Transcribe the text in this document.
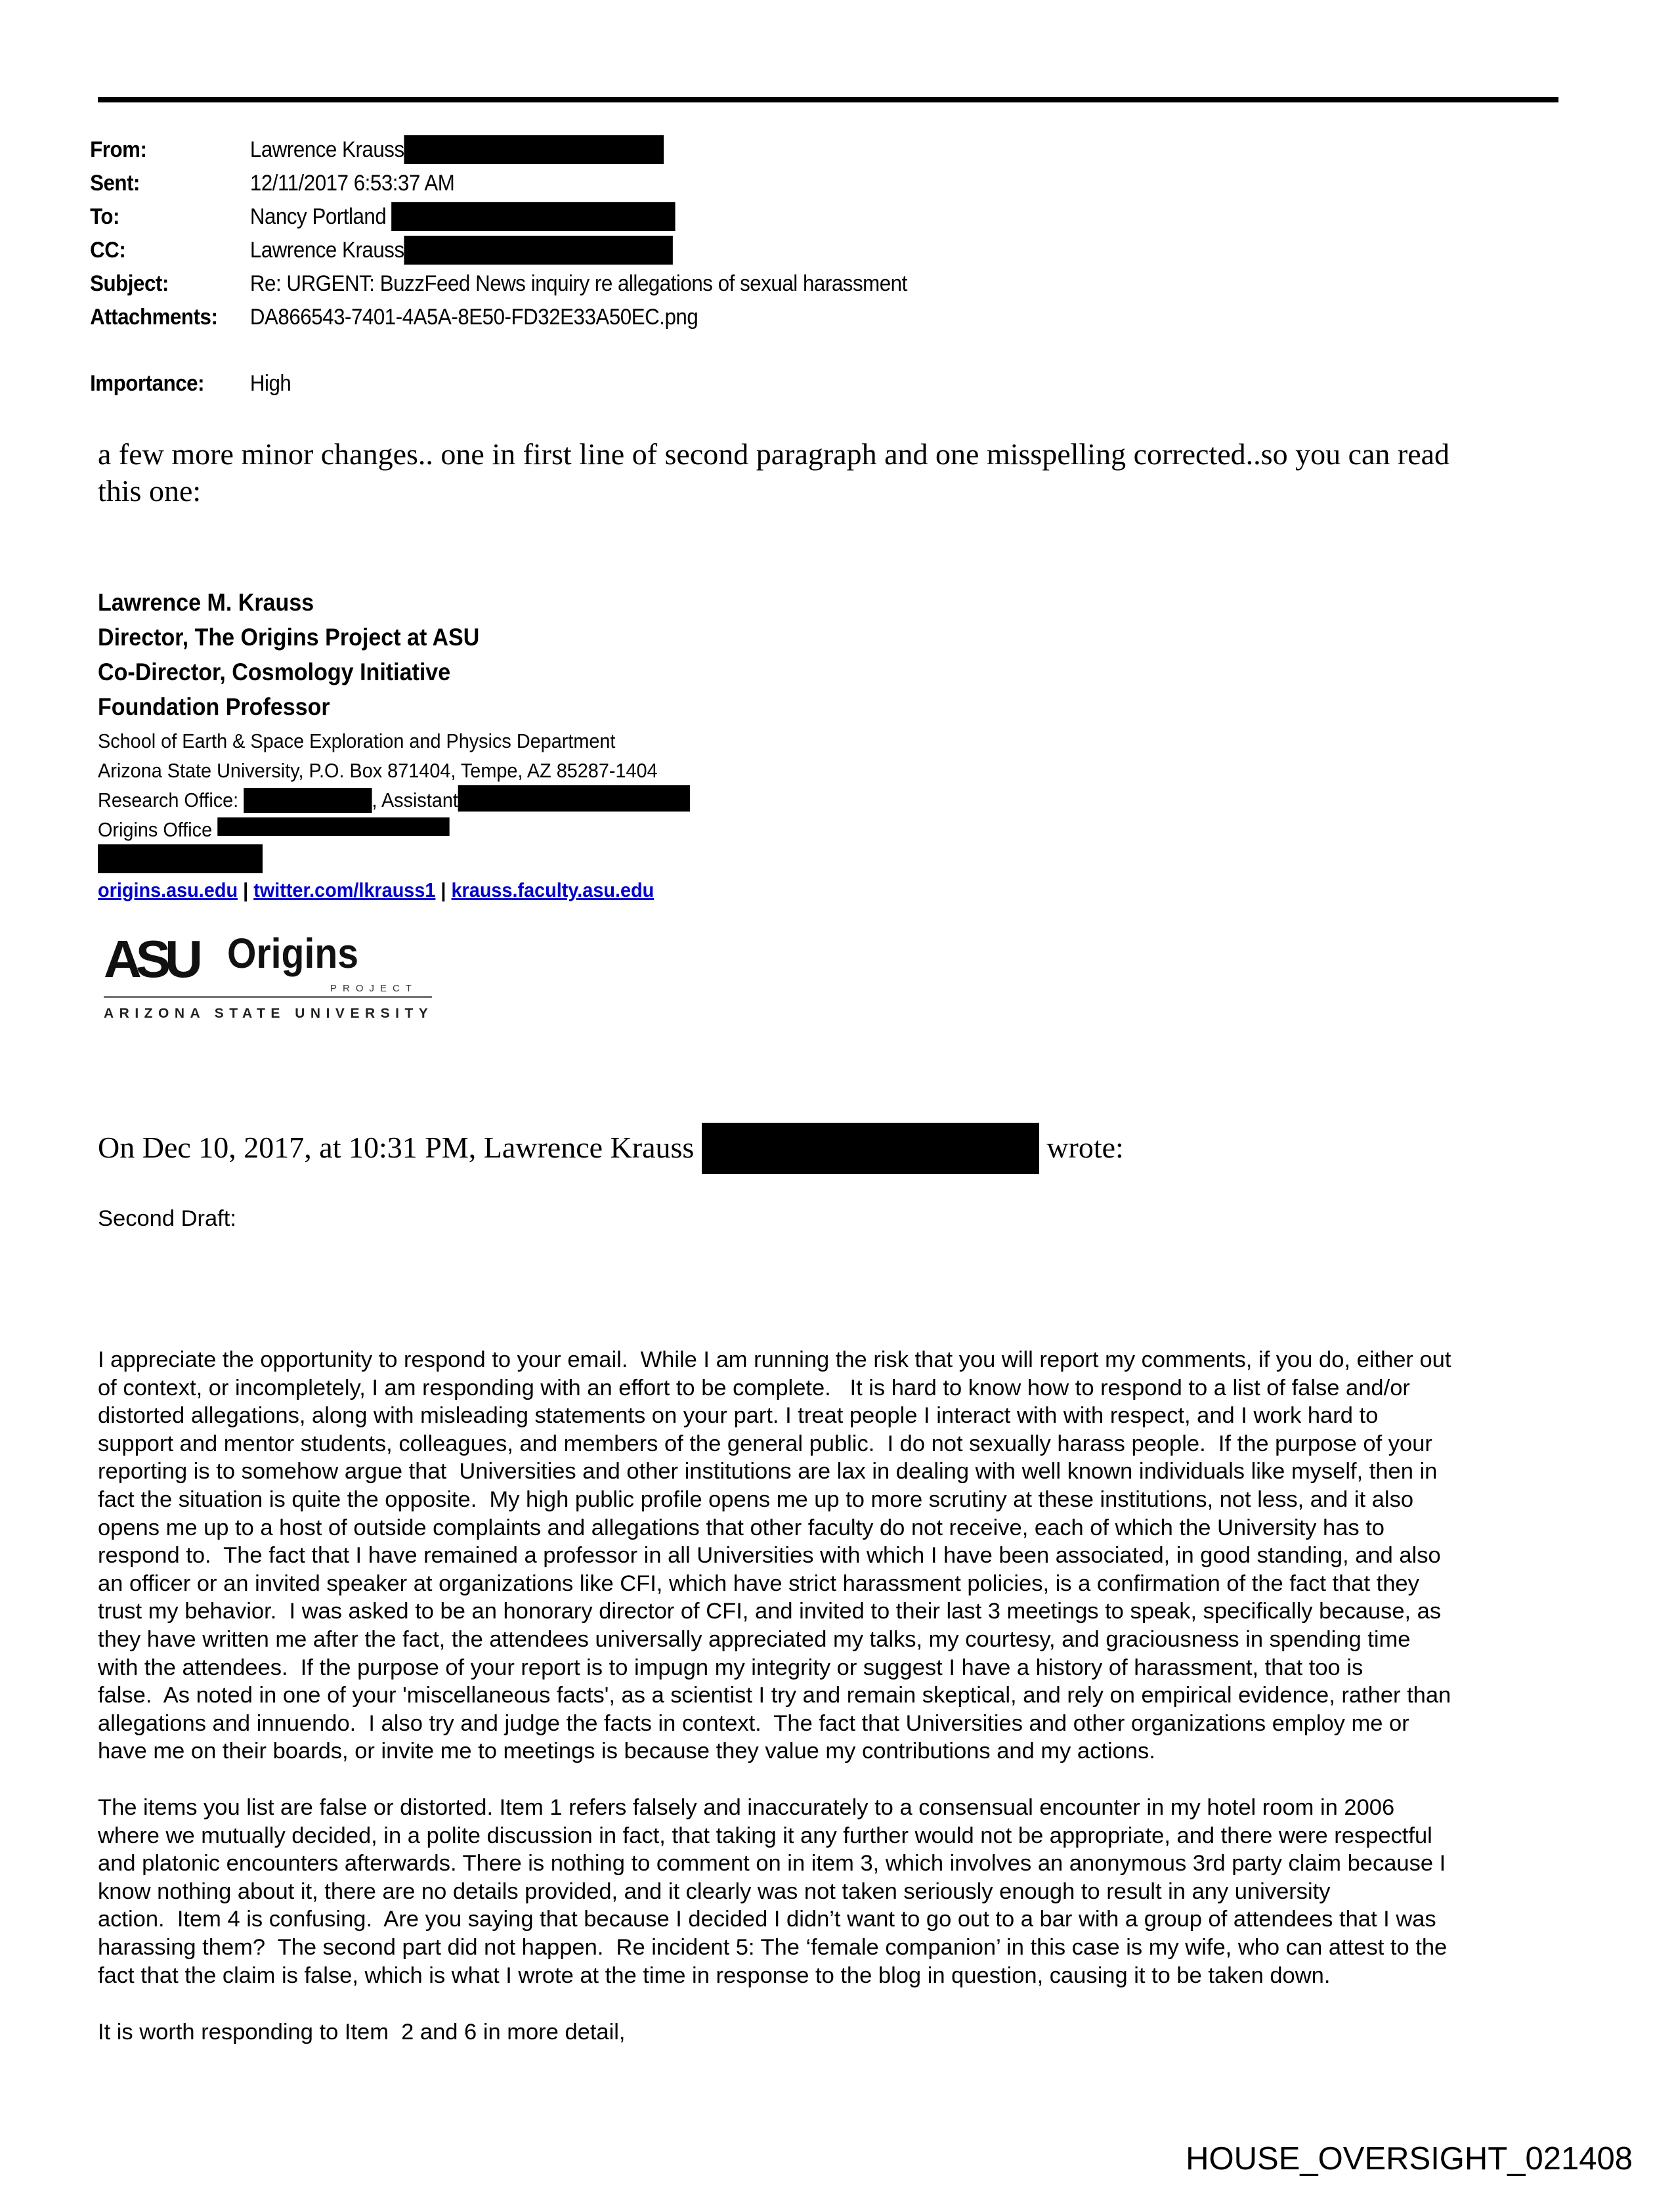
From:	Lawrence Krauss
Sent:	12/11/2017 6:53:37 AM
To:	Nancy Portland
CC:	Lawrence Krauss
Subject:	Re: URGENT: BuzzFeed News inquiry re allegations of sexual harassment
Attachments: DA866543-7401-4A5A-8E50-FD32E33A50EC.png
Importance: High
a few more minor changes.. one in first line of second paragraph and one misspelling corrected..so you can read
this one:
Lawrence M. Krauss
Director, The Origins Project at ASU
Co-Director, Cosmology Initiative
Foundation Professor
School of Earth & Space Exploration and Physics Department
Arizona State University, P.O. Box 871404, Tempe, AZ 85287-1404
Research Office:	, Assistant
Origins Office
origins.asu.edu | twitter.com/lkrauss1 | krauss.faculty.asu.edu
ASU Origins
PROJECT
ARIZONA STATE UNIVERSITY
On Dec 10, 2017, at 10:31 PM, Lawrence Krauss	wrote:
Second Draft:
I appreciate the opportunity to respond to your email.  While I am running the risk that you will report my comments, if you do, either out
of context, or incompletely, I am responding with an effort to be complete.   It is hard to know how to respond to a list of false and/or
distorted allegations, along with misleading statements on your part. I treat people I interact with with respect, and I work hard to
support and mentor students, colleagues, and members of the general public.  I do not sexually harass people.  If the purpose of your
reporting is to somehow argue that  Universities and other institutions are lax in dealing with well known individuals like myself, then in
fact the situation is quite the opposite.  My high public profile opens me up to more scrutiny at these institutions, not less, and it also
opens me up to a host of outside complaints and allegations that other faculty do not receive, each of which the University has to
respond to.  The fact that I have remained a professor in all Universities with which I have been associated, in good standing, and also
an officer or an invited speaker at organizations like CFI, which have strict harassment policies, is a confirmation of the fact that they
trust my behavior.  I was asked to be an honorary director of CFI, and invited to their last 3 meetings to speak, specifically because, as
they have written me after the fact, the attendees universally appreciated my talks, my courtesy, and graciousness in spending time
with the attendees.  If the purpose of your report is to impugn my integrity or suggest I have a history of harassment, that too is
false.  As noted in one of your 'miscellaneous facts', as a scientist I try and remain skeptical, and rely on empirical evidence, rather than
allegations and innuendo.  I also try and judge the facts in context.  The fact that Universities and other organizations employ me or
have me on their boards, or invite me to meetings is because they value my contributions and my actions.
The items you list are false or distorted. Item 1 refers falsely and inaccurately to a consensual encounter in my hotel room in 2006
where we mutually decided, in a polite discussion in fact, that taking it any further would not be appropriate, and there were respectful
and platonic encounters afterwards. There is nothing to comment on in item 3, which involves an anonymous 3rd party claim because I
know nothing about it, there are no details provided, and it clearly was not taken seriously enough to result in any university
action.  Item 4 is confusing.  Are you saying that because I decided I didn’t want to go out to a bar with a group of attendees that I was
harassing them?  The second part did not happen.  Re incident 5: The ‘female companion’ in this case is my wife, who can attest to the
fact that the claim is false, which is what I wrote at the time in response to the blog in question, causing it to be taken down.
It is worth responding to Item  2 and 6 in more detail,
HOUSE_OVERSIGHT_021408
